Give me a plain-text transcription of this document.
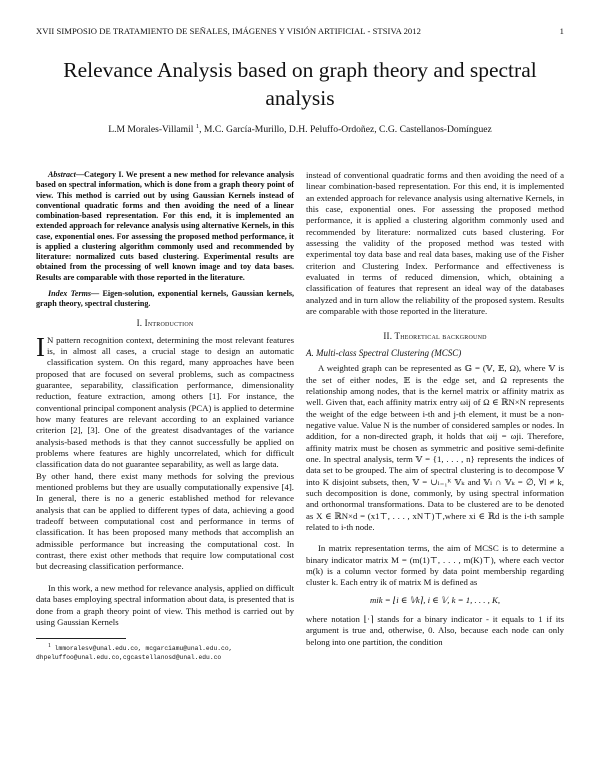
XVII SIMPOSIO DE TRATAMIENTO DE SEÑALES, IMÁGENES Y VISIÓN ARTIFICIAL - STSIVA 2012	1
Relevance Analysis based on graph theory and spectral analysis
L.M Morales-Villamil $^1$, M.C. García-Murillo, D.H. Peluffo-Ordoñez, C.G. Castellanos-Domínguez

Abstract—Category I. We present a new method for relevance analysis based on spectral information, which is done from a graph theory point of view. This method is carried out by using Gaussian Kernels instead of conventional quadratic forms and then avoiding the need of a linear combination-based representation. For this end, it is implemented an extended approach for relevance analysis using alternative Kernels, in this case, exponential ones. For assessing the proposed method performance, it is applied a clustering algorithm commonly used and recommended by literature: normalized cuts based clustering. Experimental results are obtained from the processing of well known image and toy data bases. Results are comparable with those reported in the literature.

Index Terms— Eigen-solution, exponential kernels, Gaussian kernels, graph theory, spectral clustering.

I. Introduction

I N pattern recognition context, determining the most relevant features is, in almost all cases, a crucial stage to design an automatic classification system. On this regard, many approaches have been proposed that are focused on several problems, such as compactness guarantee, separability, classification performance, dimensionality reduction, feature extraction, among others [1]. For instance, the conventional principal component analysis (PCA) is applied to determine how many features are relevant according to an explained variance criterion [2], [3]. One of the greatest disadvantages of the variance analysis-based methods is that they cannot successfully be applied on problems where features are highly uncorrelated, which for difficult classification data do not guarantee separability, as well as large data.

By other hand, there exist many methods for solving the previous mentioned problems but they are usually computationally expensive [4]. In general, there is no a generic established method for relevance analysis that can be applied to different types of data, achieving a good tradeoff between computational cost and performance in terms of classification. It has been proposed many methods that accomplish an admissible performance but increasing the computational cost. In contrast, there exist other methods that require low computational cost but decreasing classification performance.

In this work, a new method for relevance analysis, applied on difficult data bases employing spectral information about data, is presented that is done from a graph theory point of view. This method is carried out by using Gaussian Kernels

$^1$ lmmoralesv@unal.edu.co, mcgarciamu@unal.edu.co,
dhpeluffoo@unal.edu.co,cgcastellanosd@unal.edu.co

instead of conventional quadratic forms and then avoiding the need of a linear combination-based representation. For this end, it is implemented an extended approach for relevance analysis using alternative Kernels, in this case, exponential ones. For assessing the proposed method performance, it is applied a clustering algorithm commonly used and recommended by literature: normalized cuts based clustering. For assessing the validity of the proposed method was tested with experimental toy data base and real data bases, making use of the Fisher criterion and Clustering Index. Performance and effectiveness is evaluated in terms of reduced dimension, which, obtaining a classification of features that represent an ideal way of the databases analyzed and in turn allow the reliability of the proposed system. Results are comparable with those reported in the literature.

II. Theoretical background
A. Multi-class Spectral Clustering (MCSC)

A weighted graph can be represented as 𝔾 = (𝕍, 𝔼, Ω), where 𝕍 is the set of either nodes, 𝔼 is the edge set, and Ω represents the relationship among nodes, that is the kernel matrix or affinity matrix as well. Given that, each affinity matrix entry ωij of Ω ∈ ℝN×N represents the weight of the edge between i-th and j-th element, it must be a non-negative value. Value N is the number of considered samples or nodes. In addition, for a non-directed graph, it holds that ωij = ωji. Therefore, affinity matrix must be chosen as symmetric and positive semi-definite one. In spectral analysis, term 𝕍 = {1, . . . , n} represents the indices of data set to be grouped. The aim of spectral clustering is to decompose 𝕍 into K disjoint subsets, then, 𝕍 = ∪ₗ₌₁ᴷ 𝕍ₖ and 𝕍ₗ ∩ 𝕍ₖ = ∅, ∀l ≠ k, such decomposition is done, commonly, by using spectral information and orthonormal transformations. Data to be clustered are to be denoted as X ∈ ℝN×d = (x1⊤, . . . , xN⊤)⊤,where xi ∈ ℝd is the i-th sample related to i-th node.

In matrix representation terms, the aim of MCSC is to determine a binary indicator matrix M = (m(1)⊤, . . . , m(K)⊤), where each vector m(k) is a column vector formed by data point membership regarding cluster k. Each entry ik of matrix M is defined as

mik = ⌊i ∈ 𝕍k⌉, i ∈ 𝕍, k = 1, . . . , K,

where notation ⌊·⌉ stands for a binary indicator - it equals to 1 if its argument is true and, otherwise, 0. Also, because each node can only belong into one partition, the condition
